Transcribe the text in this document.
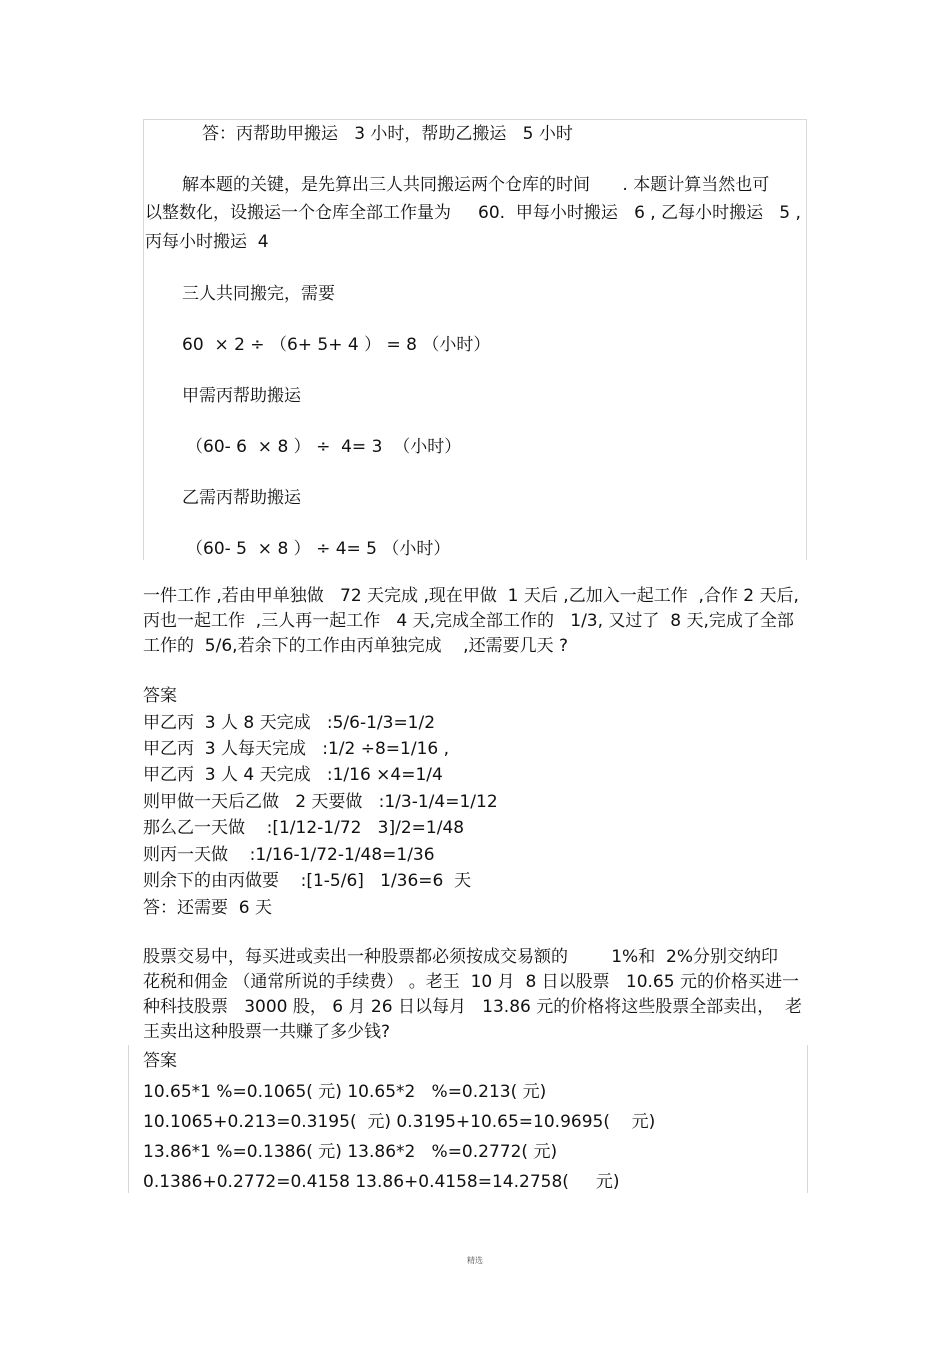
答：丙帮助甲搬运   3 小时，帮助乙搬运   5 小时
解本题的关键，是先算出三人共同搬运两个仓库的时间      . 本题计算当然也可
以整数化，设搬运一个仓库全部工作量为     60.  甲每小时搬运   6 , 乙每小时搬运   5 ,
丙每小时搬运  4
三人共同搬完，需要
60  × 2 ÷ （6+ 5+ 4 ） = 8 （小时）
甲需丙帮助搬运
（60- 6  × 8 ） ÷  4= 3  （小时）
乙需丙帮助搬运
（60- 5  × 8 ） ÷ 4= 5 （小时）
一件工作 ,若由甲单独做   72 天完成 ,现在甲做  1 天后 ,乙加入一起工作  ,合作 2 天后,
丙也一起工作  ,三人再一起工作   4 天,完成全部工作的   1/3, 又过了  8 天,完成了全部
工作的  5/6,若余下的工作由丙单独完成    ,还需要几天 ?
答案
甲乙丙  3 人 8 天完成   :5/6-1/3=1/2
甲乙丙  3 人每天完成   :1/2 ÷8=1/16 ,
甲乙丙  3 人 4 天完成   :1/16 ×4=1/4
则甲做一天后乙做   2 天要做   :1/3-1/4=1/12
那么乙一天做    :[1/12-1/72   3]/2=1/48
则丙一天做    :1/16-1/72-1/48=1/36
则余下的由丙做要    :[1-5/6]   1/36=6  天
答：还需要  6 天
股票交易中，每买进或卖出一种股票都必须按成交易额的        1%和  2%分别交纳印
花税和佣金 （通常所说的手续费） 。老王  10 月  8 日以股票   10.65 元的价格买进一
种科技股票   3000 股， 6 月 26 日以每月   13.86 元的价格将这些股票全部卖出，  老
王卖出这种股票一共赚了多少钱?
答案
10.65*1 %=0.1065( 元) 10.65*2   %=0.213( 元)
10.1065+0.213=0.3195(  元) 0.3195+10.65=10.9695(    元)
13.86*1 %=0.1386( 元) 13.86*2   %=0.2772( 元)
0.1386+0.2772=0.4158 13.86+0.4158=14.2758(     元)
精选
